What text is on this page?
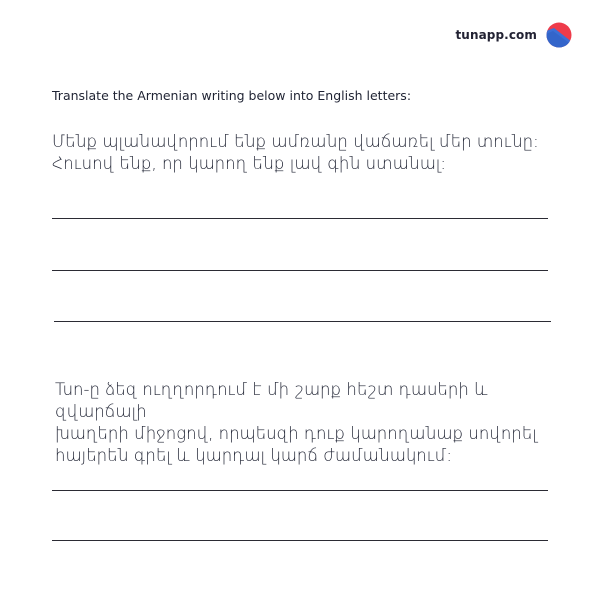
tunapp.com
Translate the Armenian writing below into English letters:
Մենք պլանավորում ենք ամռանը վաճառել մեր տունը:
Հուսով ենք, որ կարող ենք լավ գին ստանալ:
Tun-ը ձեզ ուղղորդում է մի շարք հեշտ դասերի և զվարճալի
խաղերի միջոցով, որպեսզի դուք կարողանաք սովորել
հայերեն գրել և կարդալ կարճ ժամանակում:
